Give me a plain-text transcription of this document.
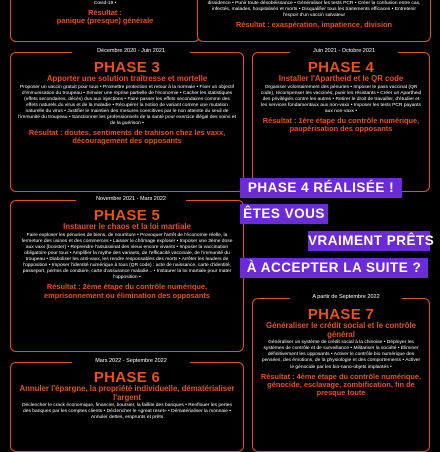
Covid-19 •
Résultat :
panique (presque) générale
dissidence • Punir toute désobéissance • Généraliser les tests PCR • Créer la confusion entre cas, infectés, malades, hospitalisés et morts • Disqualifier tous les traitements efficaces • Entretenir l'espoir d'un vaccin salvateur
Résultat : exaspération, impatience, division
PHASE 3
Apporter une solution traîtresse et mortelle
Proposer un vaccin gratuit pour tous • Promettre protection et retour à la normale • Fixer un objectif d'immunisation du troupeau • Simuler une reprise partielle de l'économie • Cacher les statistiques (effets secondaires, décès) dus aux injections • Faire passer les effets secondaires comme des effets naturels du virus et de la maladie • Récupérer la notion de variant comme une mutation naturelle du virus • Justifier le maintien des mesures coercitives par le non atteinte du seuil de l'immunité du troupeau • Sanctionner les professionnels de la santé pour exercice illégal des soins et de la guérison •
Résultat : doutes, sentiments de trahison chez les vaxx, découragement des opposants
Décembre 2020 - Juin 2021
PHASE 4
Installer l'Apartheid et le QR code
Organiser volontairement des pénuries • Imposer le pass vaccinal (QR code), récompenser les vaccinés, punir les résistants • Créer un Apartheid des privilégiés contre les autres • Retirer le droit de travailler, d'étudier et les services fondamentaux aux non-vaxx • Imposer les tests PCR payants aux non-vaxx •
Résultat : 1ère étape du contrôle numérique, paupérisation des opposants
Juin 2021 - Octobre 2021
PHASE 5
Instaurer le chaos et la loi martiale
Faire exploser les pénuries de biens, de nourriture • Provoquer l'arrêt de l'économie réelle, la fermeture des usines et des commerces • Laisser le chômage exploser • Imposer une 3ème dose aux vaxx (booster) • Reprendre l'assassinat des vieux encore vivants • Imposer la vaccination obligatoire pour tous • Amplifier la mythe des variants, de l'efficacité vaccinale, de l'immunité du troupeau • Diaboliser les anti-vaxx, les rendre responsables des morts • Arrêter les leaders de l'opposition • Imposer l'identité numérique à tous (QR code) : acte de naissance, carte d'identité, passeport, permis de conduire, carte d'assurance maladie... • Instaurer la loi martiale pour mater l'opposition •
Résultat : 2ème étape du contrôle numérique, emprisonnement ou élimination des opposants
Novembre 2021 - Mars 2022
PHASE 6
Annuler l'épargne, la propriété individuelle, dématérialiser l'argent
Déclencher le crack économique, financier, boursier, la faillite des banques • Renflouer les pertes des banques par les comptes clients • Déclencher le «great reset» • Dématérialiser la monnaie • Annuler dettes, emprunts et prêts
Mars 2022 - Septembre 2022
PHASE 7
Généraliser le crédit social et le contrôle général
Généraliser un système de crédit social à la chinoise • Déployer les systèmes de contrôle et de surveillance • Militariser la société • Éliminer définitivement les opposants • Activer le contrôle bio numérique des pensées, des émotions, de la physiologie et des comportements • Activer le génocide par les bio-nano-objets implantés •
Résultat : 4ème étape du contrôle numérique, génocide, esclavage, zombification, fin de presque toute
A partir de Septembre 2022
PHASE 4 RÉALISÉE !
ÊTES VOUS
VRAIMENT PRÊTS
À ACCEPTER LA SUITE ?
